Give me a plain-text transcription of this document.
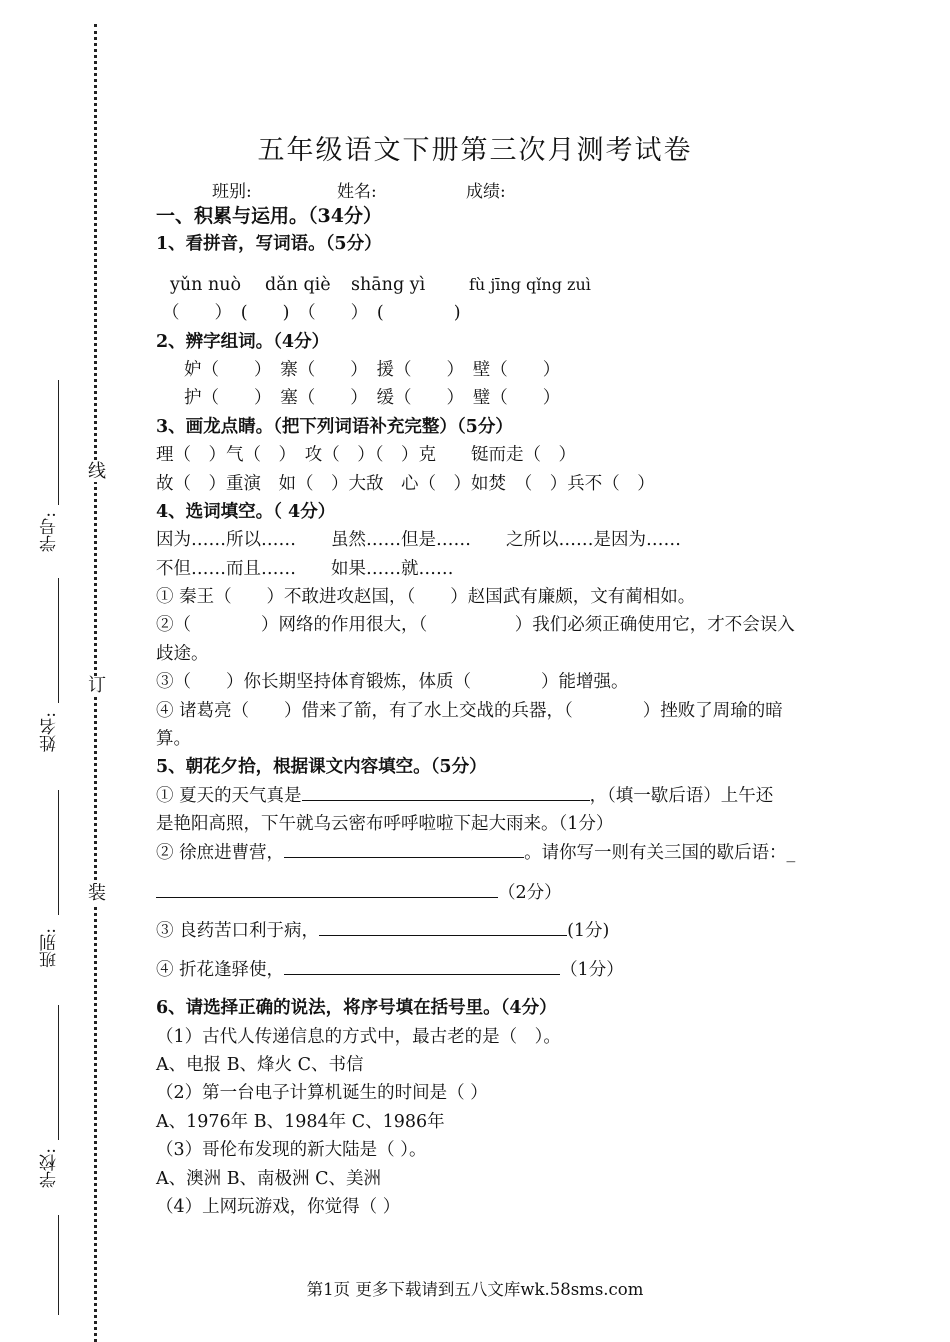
线
订
装
学号:
姓名:
班别:
学校:
五年级语文下册第三次月测考试卷
班别:	姓名:	成绩:
一、积累与运用。（34分）
1、看拼音，写词语。（5分）
yǔn nuò dǎn qiè shāng yì	fù jīng qǐng zuì
（　　）　(　　)　（　　）　(　　　　)
2、辨字组词。（4分）
妒（　　）　寨（　　）　援（　　）　壁（　　）
护（　　）　塞（　　）　缓（　　）　璧（　　）
3、画龙点睛。（把下列词语补充完整）（5分）
理（　）气（　）　攻（　）（　）克　　铤而走（　）
故（　）重演　如（　）大敌　心（　）如焚　（　）兵不（　）
4、选词填空。（ 4分）
因为……所以……　　虽然……但是……　　之所以……是因为……
不但……而且……　　如果……就……
① 秦王（　　）不敢进攻赵国，（　　）赵国武有廉颇，文有蔺相如。
②（　　　　）网络的作用很大，（　　　　　）我们必须正确使用它，才不会误入
歧途。
③（　　）你长期坚持体育锻炼，体质（　　　　）能增强。
④ 诸葛亮（　　）借来了箭，有了水上交战的兵器，（　　　　）挫败了周瑜的暗
算。
5、朝花夕拾，根据课文内容填空。（5分）
① 夏天的天气真是	，（填一歇后语）上午还
是艳阳高照，下午就乌云密布呼呼啦啦下起大雨来。（1分）
② 徐庶进曹营，	。请你写一则有关三国的歇后语：_
（2分）
③ 良药苦口利于病，	(1分)
④ 折花逢驿使，	（1分）
6、请选择正确的说法，将序号填在括号里。（4分）
（1）古代人传递信息的方式中，最古老的是（　）。
A、电报 B、烽火 C、书信
（2）第一台电子计算机诞生的时间是（ ）
A、1976年 B、1984年 C、1986年
（3）哥伦布发现的新大陆是（ ）。
A、澳洲 B、南极洲 C、美洲
（4）上网玩游戏，你觉得（ ）
第1页 更多下载请到五八文库wk.58sms.com
